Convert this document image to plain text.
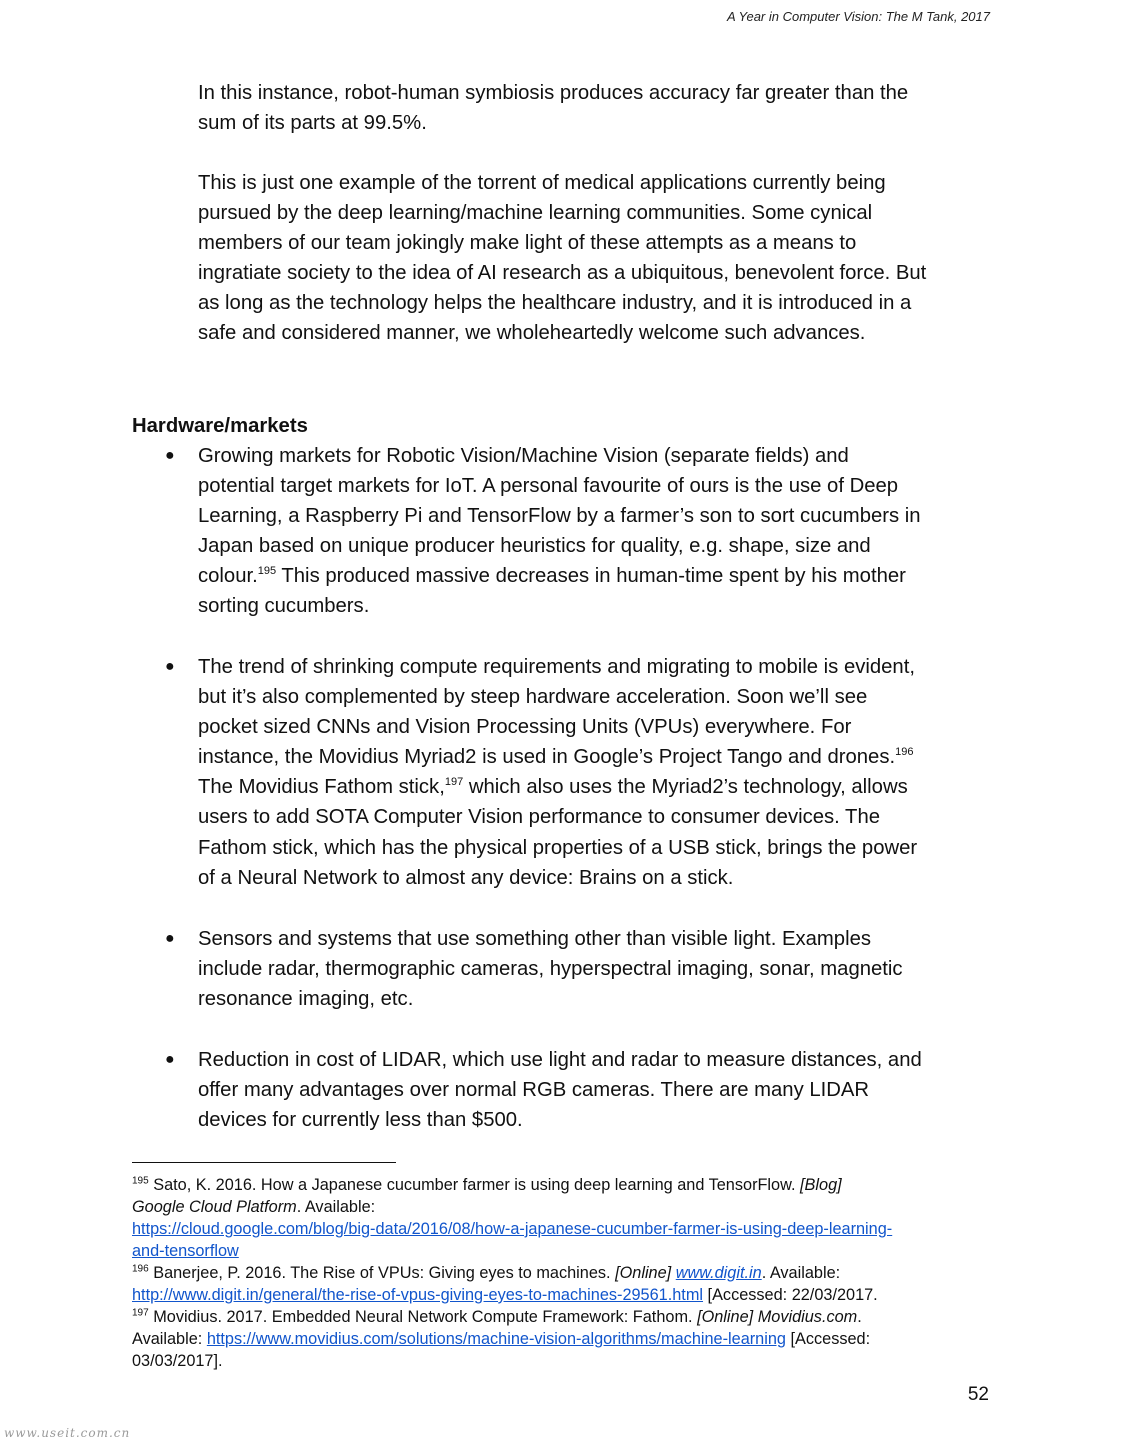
A Year in Computer Vision: The M Tank, 2017
In this instance, robot-human symbiosis produces accuracy far greater than the
sum of its parts at 99.5%.
This is just one example of the torrent of medical applications currently being
pursued by the deep learning/machine learning communities. Some cynical
members of our team jokingly make light of these attempts as a means to
ingratiate society to the idea of AI research as a ubiquitous, benevolent force. But
as long as the technology helps the healthcare industry, and it is introduced in a
safe and considered manner, we wholeheartedly welcome such advances.
Hardware/markets
●	Growing markets for Robotic Vision/Machine Vision (separate fields) and
potential target markets for IoT. A personal favourite of ours is the use of Deep
Learning, a Raspberry Pi and TensorFlow by a farmer’s son to sort cucumbers in
Japan based on unique producer heuristics for quality, e.g. shape, size and
colour.$^{195}$ This produced massive decreases in human-time spent by his mother
sorting cucumbers.
●	The trend of shrinking compute requirements and migrating to mobile is evident,
but it’s also complemented by steep hardware acceleration. Soon we’ll see
pocket sized CNNs and Vision Processing Units (VPUs) everywhere. For
instance, the Movidius Myriad2 is used in Google’s Project Tango and drones.$^{196}$
The Movidius Fathom stick,$^{197}$ which also uses the Myriad2’s technology, allows
users to add SOTA Computer Vision performance to consumer devices. The
Fathom stick, which has the physical properties of a USB stick, brings the power
of a Neural Network to almost any device: Brains on a stick.
●	Sensors and systems that use something other than visible light. Examples
include radar, thermographic cameras, hyperspectral imaging, sonar, magnetic
resonance imaging, etc.
●	Reduction in cost of LIDAR, which use light and radar to measure distances, and
offer many advantages over normal RGB cameras. There are many LIDAR
devices for currently less than $500.
$^{195}$ Sato, K. 2016. How a Japanese cucumber farmer is using deep learning and TensorFlow. [Blog]
Google Cloud Platform. Available:
https://cloud.google.com/blog/big-data/2016/08/how-a-japanese-cucumber-farmer-is-using-deep-learning-
and-tensorflow
$^{196}$ Banerjee, P. 2016. The Rise of VPUs: Giving eyes to machines. [Online] www.digit.in. Available:
http://www.digit.in/general/the-rise-of-vpus-giving-eyes-to-machines-29561.html [Accessed: 22/03/2017.
$^{197}$ Movidius. 2017. Embedded Neural Network Compute Framework: Fathom. [Online] Movidius.com.
Available: https://www.movidius.com/solutions/machine-vision-algorithms/machine-learning [Accessed:
03/03/2017].
52
www.useit.com.cn
